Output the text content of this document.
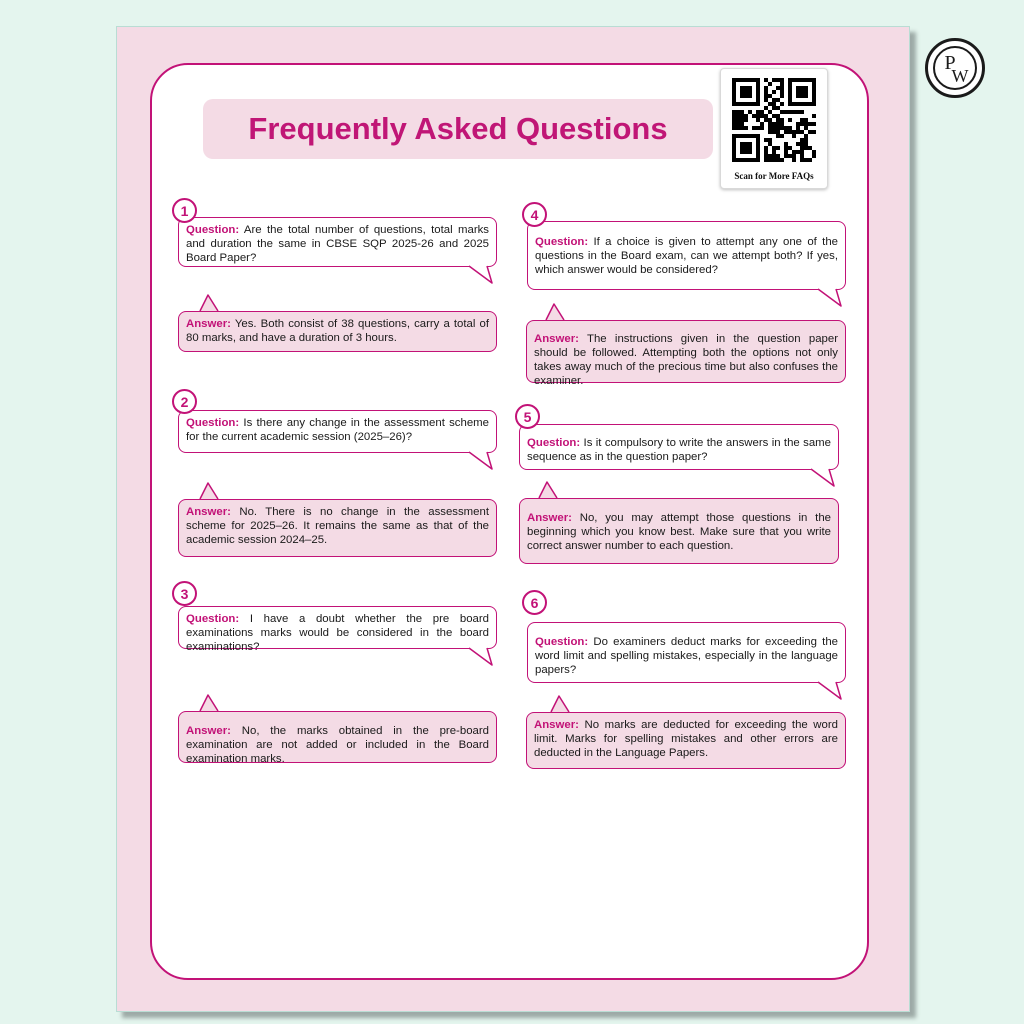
Frequently Asked Questions
Scan for More FAQs
P
W
1
Question: Are the total number of questions, total marks and duration the same in CBSE SQP 2025-26 and 2025 Board Paper?
Answer: Yes. Both consist of 38 questions, carry a total of 80 marks, and have a duration of 3 hours.
2
Question: Is there any change in the assessment scheme for the current academic session (2025–26)?
Answer: No. There is no change in the assessment scheme for 2025–26. It remains the same as that of the academic session 2024–25.
3
Question: I have a doubt whether the pre board examinations marks would be considered in the board examinations?
Answer: No, the marks obtained in the pre-board examination are not added or included in the Board examination marks.
4
Question: If a choice is given to attempt any one of the questions in the Board exam, can we attempt both? If yes, which answer would be considered?
Answer: The instructions given in the question paper should be followed. Attempting both the options not only takes away much of the precious time but also confuses the examiner.
5
Question: Is it compulsory to write the answers in the same sequence as in the question paper?
Answer: No, you may attempt those questions in the beginning which you know best. Make sure that you write correct answer number to each question.
6
Question: Do examiners deduct marks for exceeding the word limit and spelling mistakes, especially in the language papers?
Answer: No marks are deducted for exceeding the word limit. Marks for spelling mistakes and other errors are deducted in the Language Papers.
